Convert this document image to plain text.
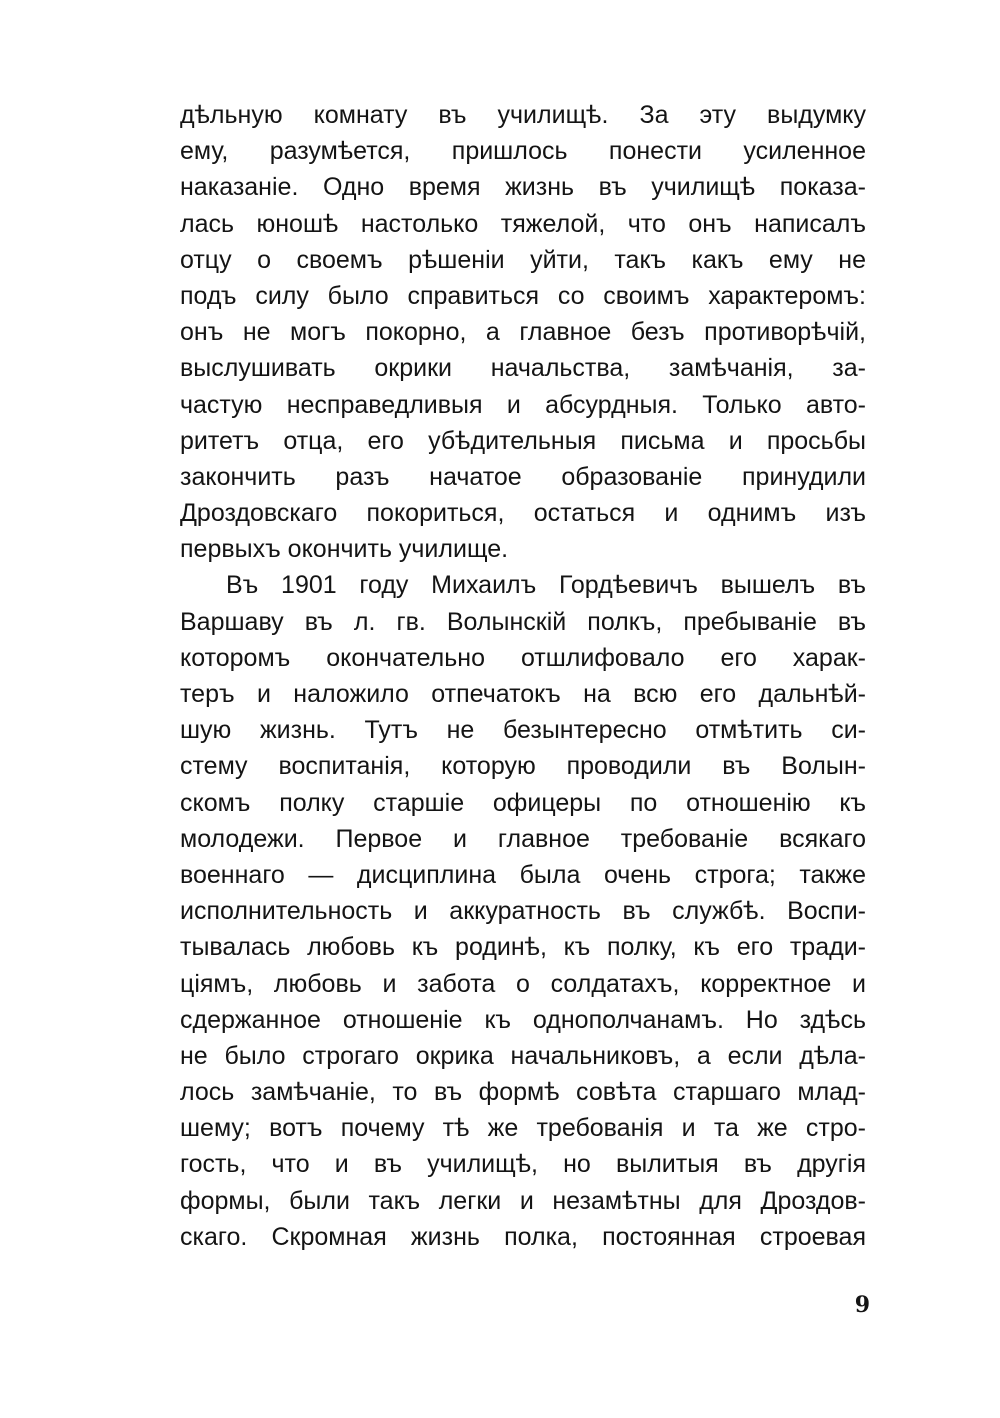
дѣльную комнату въ училищѣ. За эту выдумку
ему, разумѣется, пришлось понести усиленное
наказаніе. Одно время жизнь въ училищѣ показа-
лась юношѣ настолько тяжелой, что онъ написалъ
отцу о своемъ рѣшеніи уйти, такъ какъ ему не
подъ силу было справиться со своимъ характеромъ:
онъ не могъ покорно, а главное безъ противорѣчій,
выслушивать окрики начальства, замѣчанія, за-
частую несправедливыя и абсурдныя. Только авто-
ритетъ отца, его убѣдительныя письма и просьбы
закончить разъ начатое образованіе принудили
Дроздовскаго покориться, остаться и однимъ изъ
первыхъ окончить училище.
Въ 1901 году Михаилъ Гордѣевичъ вышелъ въ
Варшаву въ л. гв. Волынскій полкъ, пребываніе въ
которомъ окончательно отшлифовало его харак-
теръ и наложило отпечатокъ на всю его дальнѣй-
шую жизнь. Тутъ не безынтересно отмѣтить си-
стему воспитанія, которую проводили въ Волын-
скомъ полку старшіе офицеры по отношенію къ
молодежи. Первое и главное требованіе всякаго
военнаго — дисциплина была очень строга; также
исполнительность и аккуратность въ службѣ. Воспи-
тывалась любовь къ родинѣ, къ полку, къ его тради-
ціямъ, любовь и забота о солдатахъ, корректное и
сдержанное отношеніе къ однополчанамъ. Но здѣсь
не было строгаго окрика начальниковъ, а если дѣла-
лось замѣчаніе, то въ формѣ совѣта старшаго млад-
шему; вотъ почему тѣ же требованія и та же стро-
гость, что и въ училищѣ, но вылитыя въ другія
формы, были такъ легки и незамѣтны для Дроздов-
скаго. Скромная жизнь полка, постоянная строевая
9
